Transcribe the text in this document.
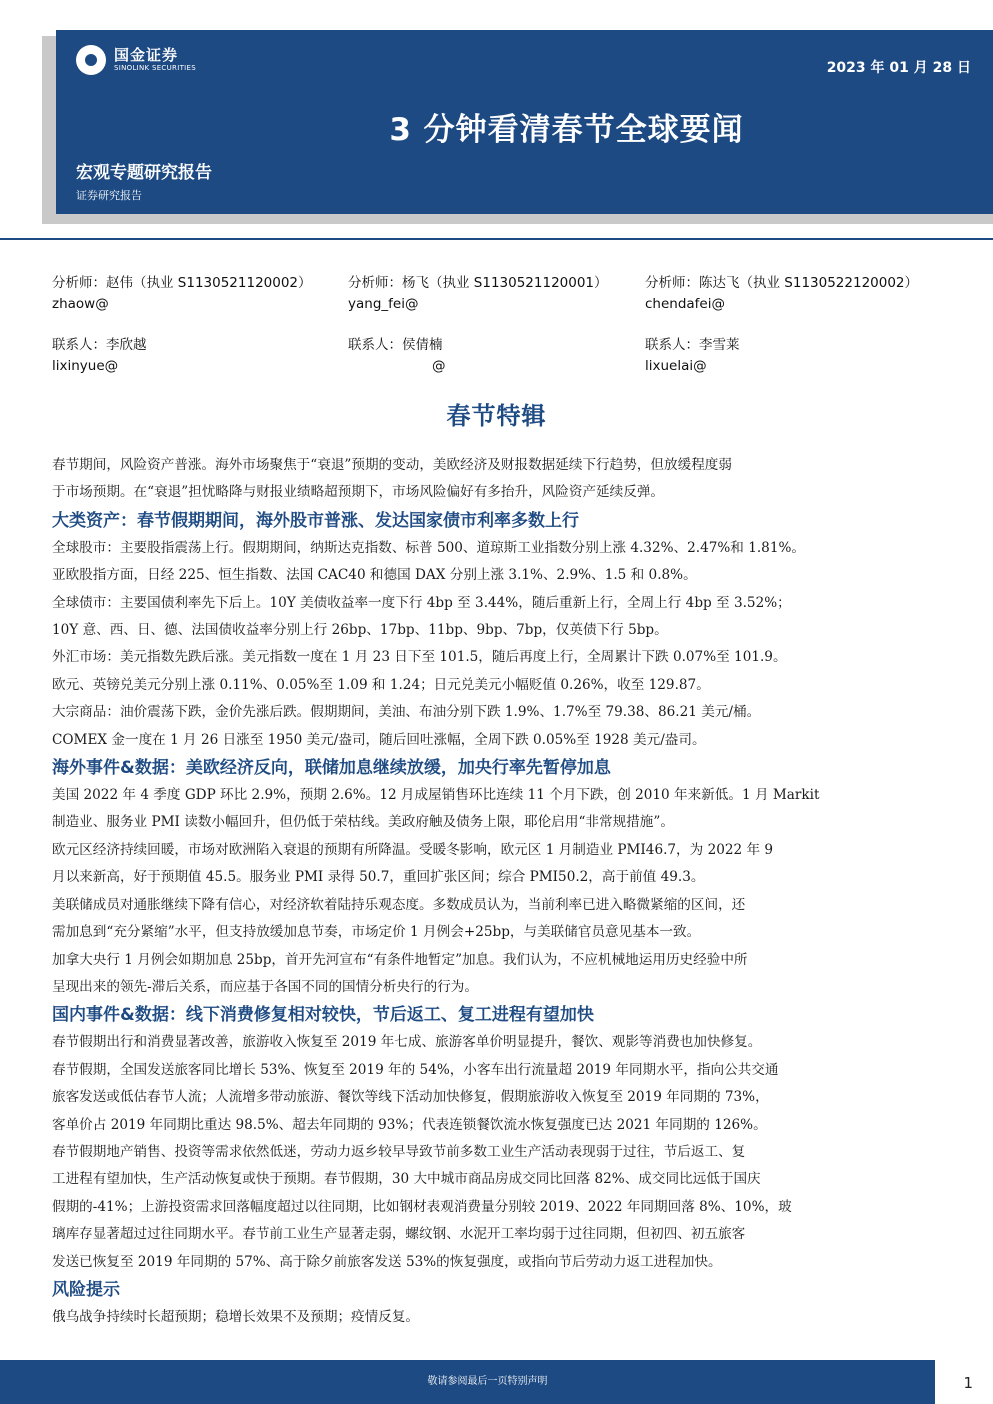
国金证券
SINOLINK SECURITIES	2023 年 01 月 28 日
3 分钟看清春节全球要闻
宏观专题研究报告
证券研究报告
分析师：赵伟（执业 S1130521120002）
zhaow@
联系人：李欣越
lixinyue@
分析师：杨飞（执业 S1130521120001）
yang_fei@
联系人：侯倩楠
@
分析师：陈达飞（执业 S1130522120002）
chendafei@
联系人：李雪莱
lixuelai@
春节特辑
春节期间，风险资产普涨。海外市场聚焦于“衰退”预期的变动，美欧经济及财报数据延续下行趋势，但放缓程度弱
于市场预期。在“衰退”担忧略降与财报业绩略超预期下，市场风险偏好有多抬升，风险资产延续反弹。
大类资产：春节假期期间，海外股市普涨、发达国家债市利率多数上行
全球股市：主要股指震荡上行。假期期间，纳斯达克指数、标普 500、道琼斯工业指数分别上涨 4.32%、2.47%和 1.81%。
亚欧股指方面，日经 225、恒生指数、法国 CAC40 和德国 DAX 分别上涨 3.1%、2.9%、1.5 和 0.8%。
全球债市：主要国债利率先下后上。10Y 美债收益率一度下行 4bp 至 3.44%，随后重新上行，全周上行 4bp 至 3.52%；
10Y 意、西、日、德、法国债收益率分别上行 26bp、17bp、11bp、9bp、7bp，仅英债下行 5bp。
外汇市场：美元指数先跌后涨。美元指数一度在 1 月 23 日下至 101.5，随后再度上行，全周累计下跌 0.07%至 101.9。
欧元、英镑兑美元分别上涨 0.11%、0.05%至 1.09 和 1.24；日元兑美元小幅贬值 0.26%，收至 129.87。
大宗商品：油价震荡下跌，金价先涨后跌。假期期间，美油、布油分别下跌 1.9%、1.7%至 79.38、86.21 美元/桶。
COMEX 金一度在 1 月 26 日涨至 1950 美元/盎司，随后回吐涨幅，全周下跌 0.05%至 1928 美元/盎司。
海外事件&数据：美欧经济反向，联储加息继续放缓，加央行率先暂停加息
美国 2022 年 4 季度 GDP 环比 2.9%，预期 2.6%。12 月成屋销售环比连续 11 个月下跌，创 2010 年来新低。1 月 Markit
制造业、服务业 PMI 读数小幅回升，但仍低于荣枯线。美政府触及债务上限，耶伦启用“非常规措施”。
欧元区经济持续回暖，市场对欧洲陷入衰退的预期有所降温。受暖冬影响，欧元区 1 月制造业 PMI46.7，为 2022 年 9
月以来新高，好于预期值 45.5。服务业 PMI 录得 50.7，重回扩张区间；综合 PMI50.2，高于前值 49.3。
美联储成员对通胀继续下降有信心，对经济软着陆持乐观态度。多数成员认为，当前利率已进入略微紧缩的区间，还
需加息到“充分紧缩”水平，但支持放缓加息节奏，市场定价 1 月例会+25bp，与美联储官员意见基本一致。
加拿大央行 1 月例会如期加息 25bp，首开先河宣布“有条件地暂定”加息。我们认为，不应机械地运用历史经验中所
呈现出来的领先-滞后关系，而应基于各国不同的国情分析央行的行为。
国内事件&数据：线下消费修复相对较快，节后返工、复工进程有望加快
春节假期出行和消费显著改善，旅游收入恢复至 2019 年七成、旅游客单价明显提升，餐饮、观影等消费也加快修复。
春节假期，全国发送旅客同比增长 53%、恢复至 2019 年的 54%，小客车出行流量超 2019 年同期水平，指向公共交通
旅客发送或低估春节人流；人流增多带动旅游、餐饮等线下活动加快修复，假期旅游收入恢复至 2019 年同期的 73%，
客单价占 2019 年同期比重达 98.5%、超去年同期的 93%；代表连锁餐饮流水恢复强度已达 2021 年同期的 126%。
春节假期地产销售、投资等需求依然低迷，劳动力返乡较早导致节前多数工业生产活动表现弱于过往，节后返工、复
工进程有望加快，生产活动恢复或快于预期。春节假期，30 大中城市商品房成交同比回落 82%、成交同比远低于国庆
假期的-41%；上游投资需求回落幅度超过以往同期，比如钢材表观消费量分别较 2019、2022 年同期回落 8%、10%，玻
璃库存显著超过过往同期水平。春节前工业生产显著走弱，螺纹钢、水泥开工率均弱于过往同期，但初四、初五旅客
发送已恢复至 2019 年同期的 57%、高于除夕前旅客发送 53%的恢复强度，或指向节后劳动力返工进程加快。
风险提示
俄乌战争持续时长超预期；稳增长效果不及预期；疫情反复。
敬请参阅最后一页特别声明	1
